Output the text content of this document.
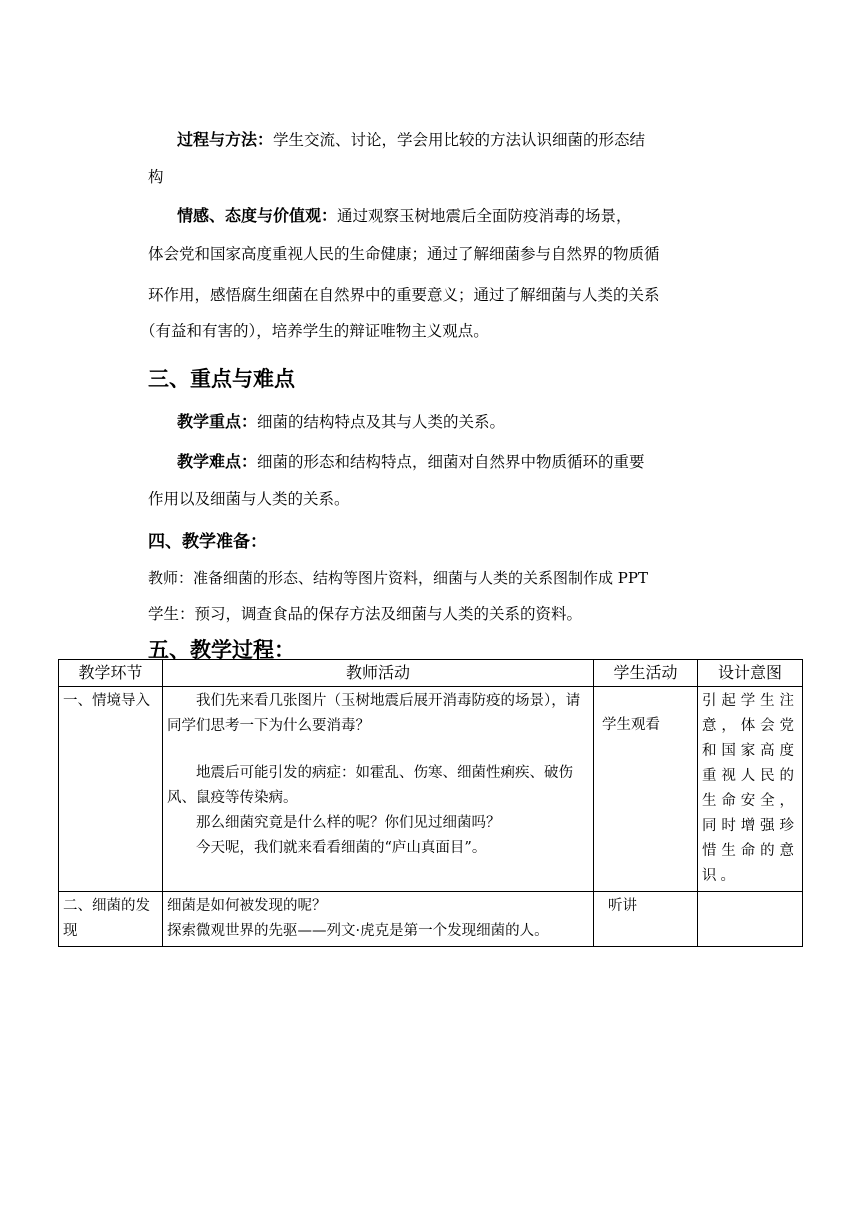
过程与方法：学生交流、讨论，学会用比较的方法认识细菌的形态结
构
情感、态度与价值观：通过观察玉树地震后全面防疫消毒的场景，
体会党和国家高度重视人民的生命健康；通过了解细菌参与自然界的物质循
环作用，感悟腐生细菌在自然界中的重要意义；通过了解细菌与人类的关系
（有益和有害的），培养学生的辩证唯物主义观点。
三、重点与难点
教学重点：细菌的结构特点及其与人类的关系。
教学难点：细菌的形态和结构特点，细菌对自然界中物质循环的重要
作用以及细菌与人类的关系。
四、教学准备：
教师：准备细菌的形态、结构等图片资料，细菌与人类的关系图制作成 PPT
学生：预习，调查食品的保存方法及细菌与人类的关系的资料。
五、教学过程：
教学环节	教师活动	学生活动	设计意图
一、情境导入	我们先来看几张图片（玉树地震后展开消毒防疫的场景），请同学们思考一下为什么要消毒？

地震后可能引发的病症：如霍乱、伤寒、细菌性痢疾、破伤风、鼠疫等传染病。

那么细菌究竟是什么样的呢？你们见过细菌吗？

今天呢，我们就来看看细菌的“庐山真面目”。	学生观看	引起学生注意，体会党和国家高度重视人民的生命安全，同时增强珍惜生命的意识。
二、细菌的发现	细菌是如何被发现的呢？
探索微观世界的先驱——列文·虎克是第一个发现细菌的人。	听讲	
